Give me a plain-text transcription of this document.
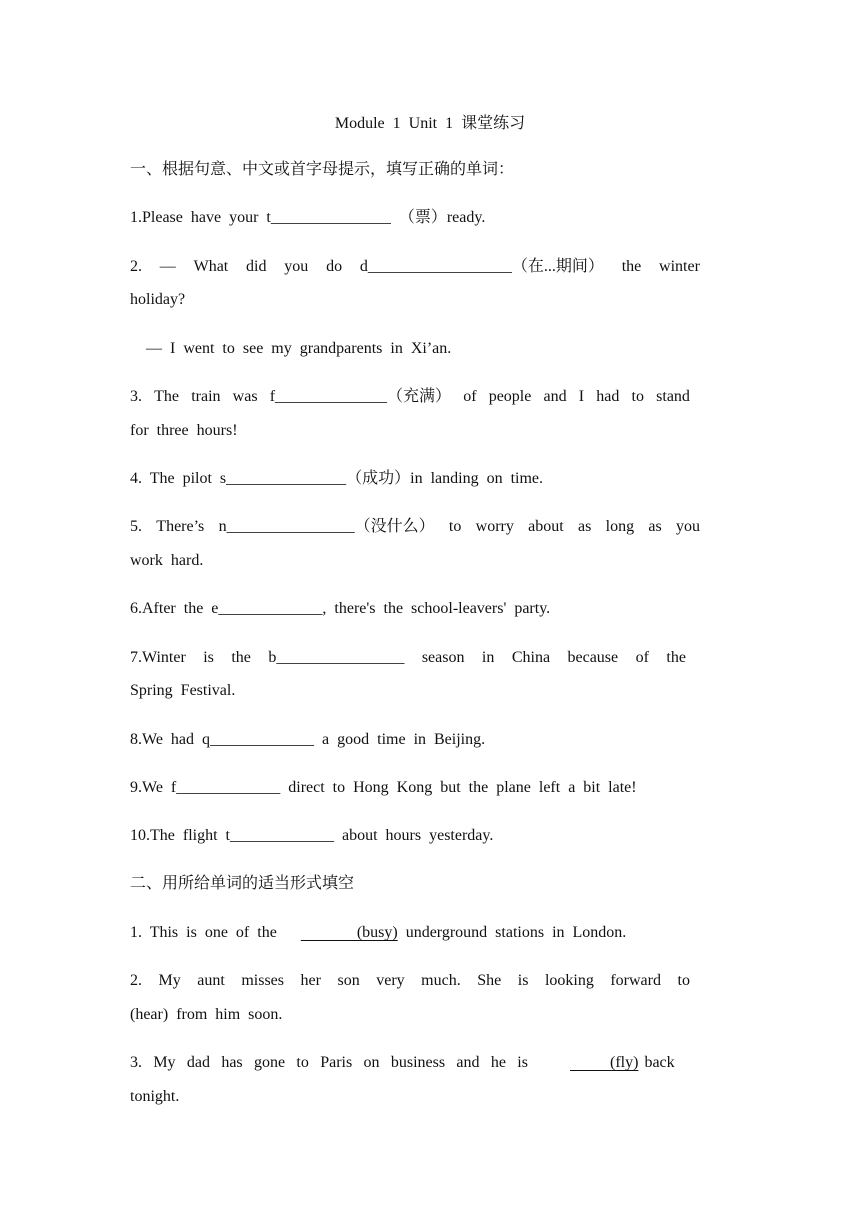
Module 1 Unit 1 课堂练习
一、根据句意、中文或首字母提示，填写正确的单词：
1.Please have your t_______________ （票）ready.
2. — What did you do d__________________（在...期间） the winter
holiday?
— I went to see my grandparents in Xi’an.
3. The train was f______________（充满） of people and I had to stand
for three hours!
4. The pilot s_______________（成功）in landing on time.
5. There’s n________________（没什么） to worry about as long as you
work hard.
6.After the e_____________, there's the school-leavers' party.
7.Winter is the b________________ season in China because of the
Spring Festival.
8.We had q_____________ a good time in Beijing.
9.We f_____________ direct to Hong Kong but the plane left a bit late!
10.The flight t_____________ about hours yesterday.
二、用所给单词的适当形式填空
1. This is one of the        (busy) underground stations in London.
2. My aunt misses her son very much. She is looking forward to
(hear) from him soon.
3. My dad has gone to Paris on business and he is	(fly) back
tonight.
